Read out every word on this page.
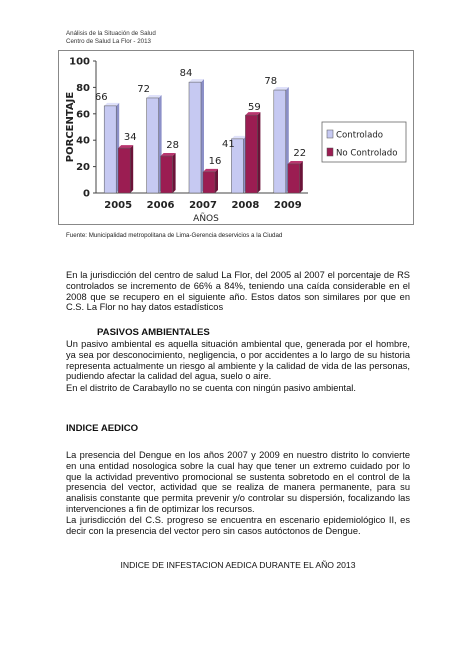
Análisis de la Situación de Salud
Centro de Salud La Flor - 2013
0
20
40
60
80
100
PORCENTAJE 66
34
2005
72
28
2006
84
16
2007
41
59
2008
78
22
2009
AÑOS
Controlado
No Controlado
Fuente: Municipalidad metropolitana de Lima-Gerencia deservicios a la Ciudad

En la jurisdicción del centro de salud La Flor, del 2005 al 2007 el porcentaje de RS controlados se incremento de 66% a 84%, teniendo una caída considerable en el 2008 que se recupero en el siguiente año. Estos datos son similares por que en C.S. La Flor no hay datos estadísticos

PASIVOS AMBIENTALES

Un pasivo ambiental es aquella situación ambiental que, generada por el hombre, ya sea por desconocimiento, negligencia, o por accidentes a lo largo de su historia representa actualmente un riesgo al ambiente y la calidad de vida de las personas, pudiendo afectar la calidad del agua, suelo o aire.

En el distrito de Carabayllo no se cuenta con ningún pasivo ambiental.

INDICE AEDICO

La presencia del Dengue en los años 2007 y 2009 en nuestro distrito lo convierte en una entidad nosologica sobre la cual hay que tener un extremo cuidado por lo que la actividad preventivo promocional se sustenta sobretodo en el control de la presencia del vector, actividad que se realiza de manera permanente, para su analisis constante que permita prevenir y/o controlar su dispersión, focalizando las intervenciones a fin de optimizar los recursos.

La jurisdicción del C.S. progreso se encuentra en escenario epidemiológico II, es decir con la presencia del vector pero sin casos autóctonos de Dengue.

INDICE DE INFESTACION AEDICA DURANTE EL AÑO 2013
